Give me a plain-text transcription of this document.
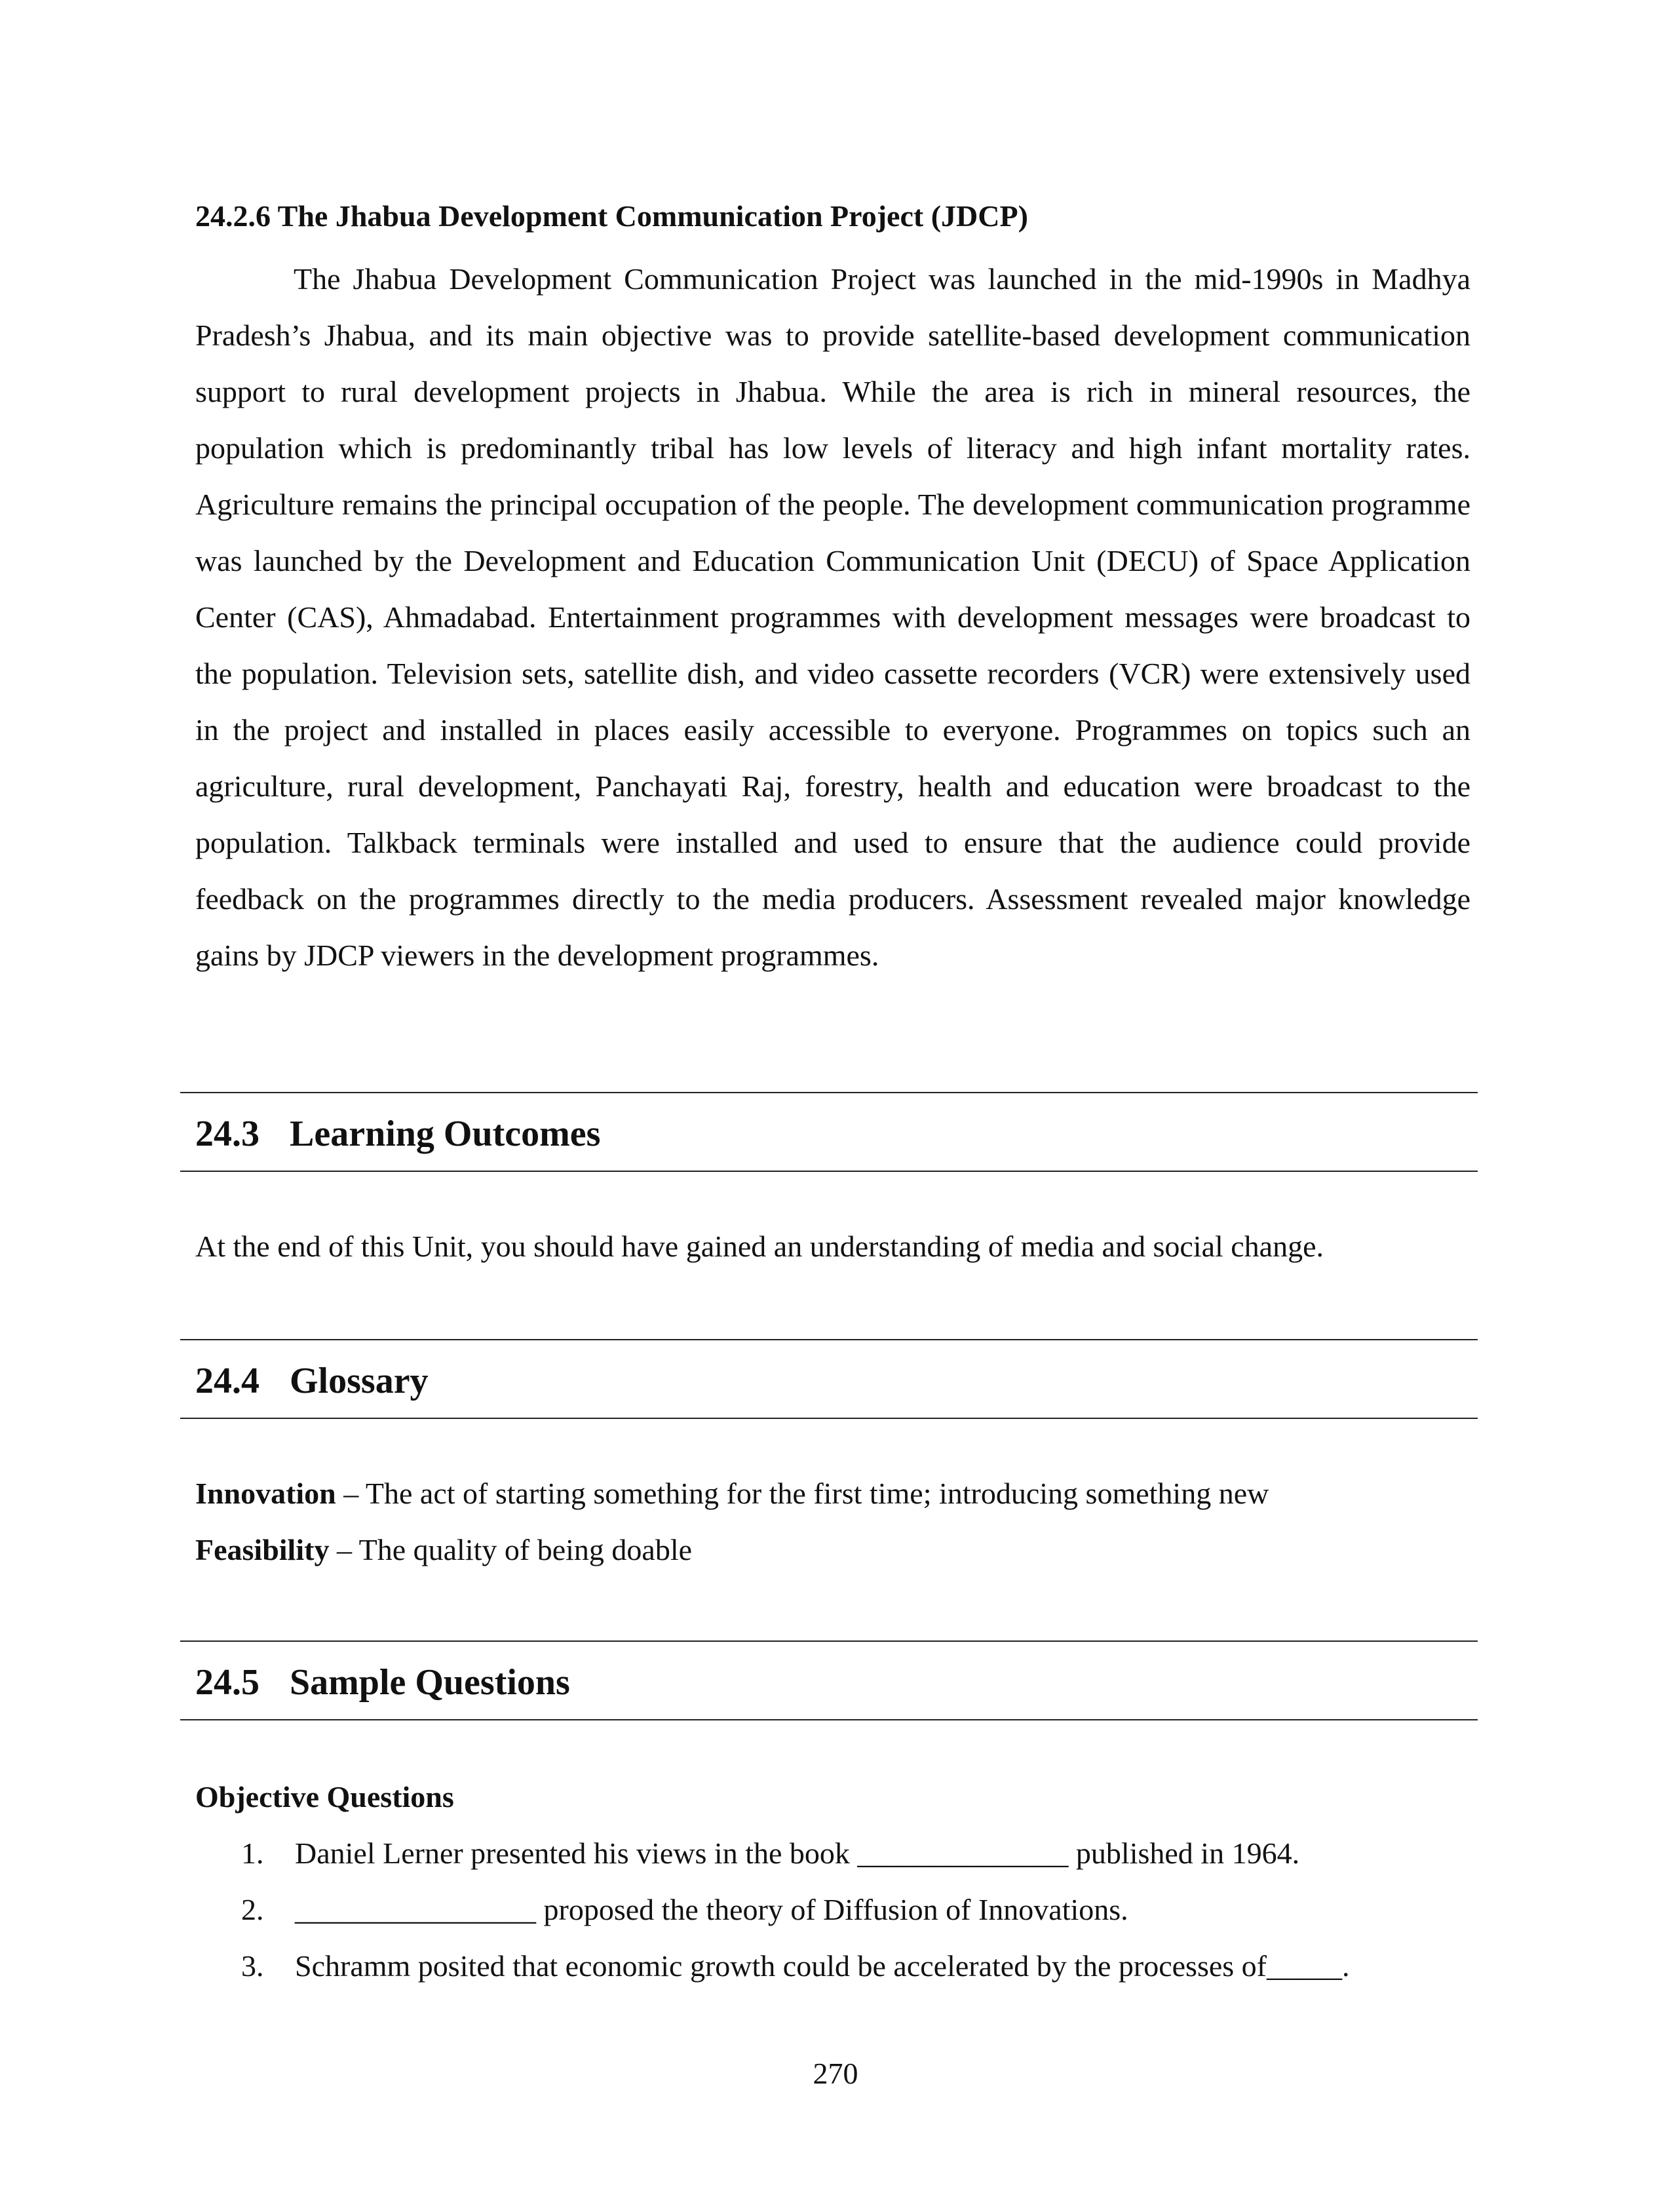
24.2.6 The Jhabua Development Communication Project (JDCP)

The Jhabua Development Communication Project was launched in the mid-1990s in Madhya Pradesh’s Jhabua, and its main objective was to provide satellite-based development communication support to rural development projects in Jhabua. While the area is rich in mineral resources, the population which is predominantly tribal has low levels of literacy and high infant mortality rates. Agriculture remains the principal occupation of the people. The development communication programme was launched by the Development and Education Communication Unit (DECU) of Space Application Center (CAS), Ahmadabad. Entertainment programmes with development messages were broadcast to the population. Television sets, satellite dish, and video cassette recorders (VCR) were extensively used in the project and installed in places easily accessible to everyone. Programmes on topics such an agriculture, rural development, Panchayati Raj, forestry, health and education were broadcast to the population. Talkback terminals were installed and used to ensure that the audience could provide feedback on the programmes directly to the media producers. Assessment revealed major knowledge gains by JDCP viewers in the development programmes.

24.3 Learning Outcomes
At the end of this Unit, you should have gained an understanding of media and social change.
24.4 Glossary
Innovation – The act of starting something for the first time; introducing something new
Feasibility – The quality of being doable
24.5 Sample Questions
Objective Questions
1. Daniel Lerner presented his views in the book ______________ published in 1964.
2. ________________ proposed the theory of Diffusion of Innovations.
3. Schramm posited that economic growth could be accelerated by the processes of_____.
270
